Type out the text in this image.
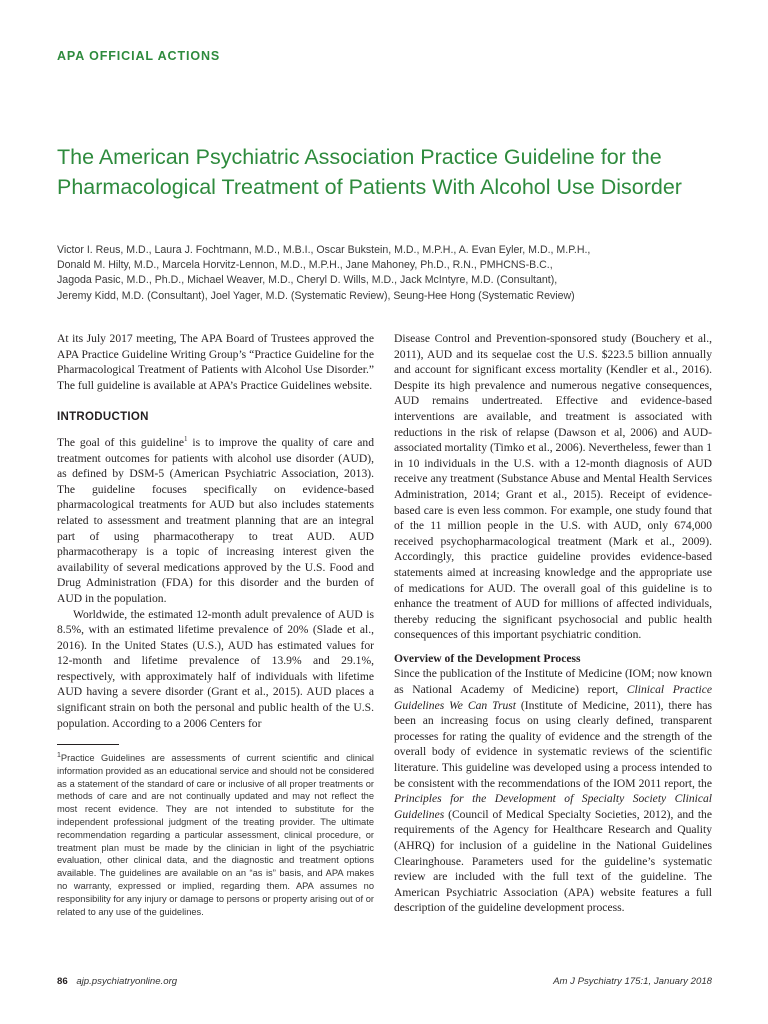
APA OFFICIAL ACTIONS
The American Psychiatric Association Practice Guideline for the Pharmacological Treatment of Patients With Alcohol Use Disorder
Victor I. Reus, M.D., Laura J. Fochtmann, M.D., M.B.I., Oscar Bukstein, M.D., M.P.H., A. Evan Eyler, M.D., M.P.H.,
Donald M. Hilty, M.D., Marcela Horvitz-Lennon, M.D., M.P.H., Jane Mahoney, Ph.D., R.N., PMHCNS-B.C.,
Jagoda Pasic, M.D., Ph.D., Michael Weaver, M.D., Cheryl D. Wills, M.D., Jack McIntyre, M.D. (Consultant),
Jeremy Kidd, M.D. (Consultant), Joel Yager, M.D. (Systematic Review), Seung-Hee Hong (Systematic Review)

At its July 2017 meeting, The APA Board of Trustees approved the APA Practice Guideline Writing Group’s “Practice Guideline for the Pharmacological Treatment of Patients with Alcohol Use Disorder.” The full guideline is available at APA’s Practice Guidelines website.

INTRODUCTION

The goal of this guideline$^1$ is to improve the quality of care and treatment outcomes for patients with alcohol use disorder (AUD), as defined by DSM-5 (American Psychiatric Association, 2013). The guideline focuses specifically on evidence-based pharmacological treatments for AUD but also includes statements related to assessment and treatment planning that are an integral part of using pharmacotherapy to treat AUD. AUD pharmacotherapy is a topic of increasing interest given the availability of several medications approved by the U.S. Food and Drug Administration (FDA) for this disorder and the burden of AUD in the population.

Worldwide, the estimated 12-month adult prevalence of AUD is 8.5%, with an estimated lifetime prevalence of 20% (Slade et al., 2016). In the United States (U.S.), AUD has estimated values for 12-month and lifetime prevalence of 13.9% and 29.1%, respectively, with approximately half of individuals with lifetime AUD having a severe disorder (Grant et al., 2015). AUD places a significant strain on both the personal and public health of the U.S. population. According to a 2006 Centers for

$^1$Practice Guidelines are assessments of current scientific and clinical information provided as an educational service and should not be considered as a statement of the standard of care or inclusive of all proper treatments or methods of care and are not continually updated and may not reflect the most recent evidence. They are not intended to substitute for the independent professional judgment of the treating provider. The ultimate recommendation regarding a particular assessment, clinical procedure, or treatment plan must be made by the clinician in light of the psychiatric evaluation, other clinical data, and the diagnostic and treatment options available. The guidelines are available on an “as is” basis, and APA makes no warranty, expressed or implied, regarding them. APA assumes no responsibility for any injury or damage to persons or property arising out of or related to any use of the guidelines.

Disease Control and Prevention-sponsored study (Bouchery et al., 2011), AUD and its sequelae cost the U.S. $223.5 billion annually and account for significant excess mortality (Kendler et al., 2016). Despite its high prevalence and numerous negative consequences, AUD remains undertreated. Effective and evidence-based interventions are available, and treatment is associated with reductions in the risk of relapse (Dawson et al, 2006) and AUD-associated mortality (Timko et al., 2006). Nevertheless, fewer than 1 in 10 individuals in the U.S. with a 12-month diagnosis of AUD receive any treatment (Substance Abuse and Mental Health Services Administration, 2014; Grant et al., 2015). Receipt of evidence-based care is even less common. For example, one study found that of the 11 million people in the U.S. with AUD, only 674,000 received psychopharmacological treatment (Mark et al., 2009). Accordingly, this practice guideline provides evidence-based statements aimed at increasing knowledge and the appropriate use of medications for AUD. The overall goal of this guideline is to enhance the treatment of AUD for millions of affected individuals, thereby reducing the significant psychosocial and public health consequences of this important psychiatric condition.

Overview of the Development Process

Since the publication of the Institute of Medicine (IOM; now known as National Academy of Medicine) report, Clinical Practice Guidelines We Can Trust (Institute of Medicine, 2011), there has been an increasing focus on using clearly defined, transparent processes for rating the quality of evidence and the strength of the overall body of evidence in systematic reviews of the scientific literature. This guideline was developed using a process intended to be consistent with the recommendations of the IOM 2011 report, the Principles for the Development of Specialty Society Clinical Guidelines (Council of Medical Specialty Societies, 2012), and the requirements of the Agency for Healthcare Research and Quality (AHRQ) for inclusion of a guideline in the National Guidelines Clearinghouse. Parameters used for the guideline’s systematic review are included with the full text of the guideline. The American Psychiatric Association (APA) website features a full description of the guideline development process.

86 ajp.psychiatryonline.org	Am J Psychiatry 175:1, January 2018
